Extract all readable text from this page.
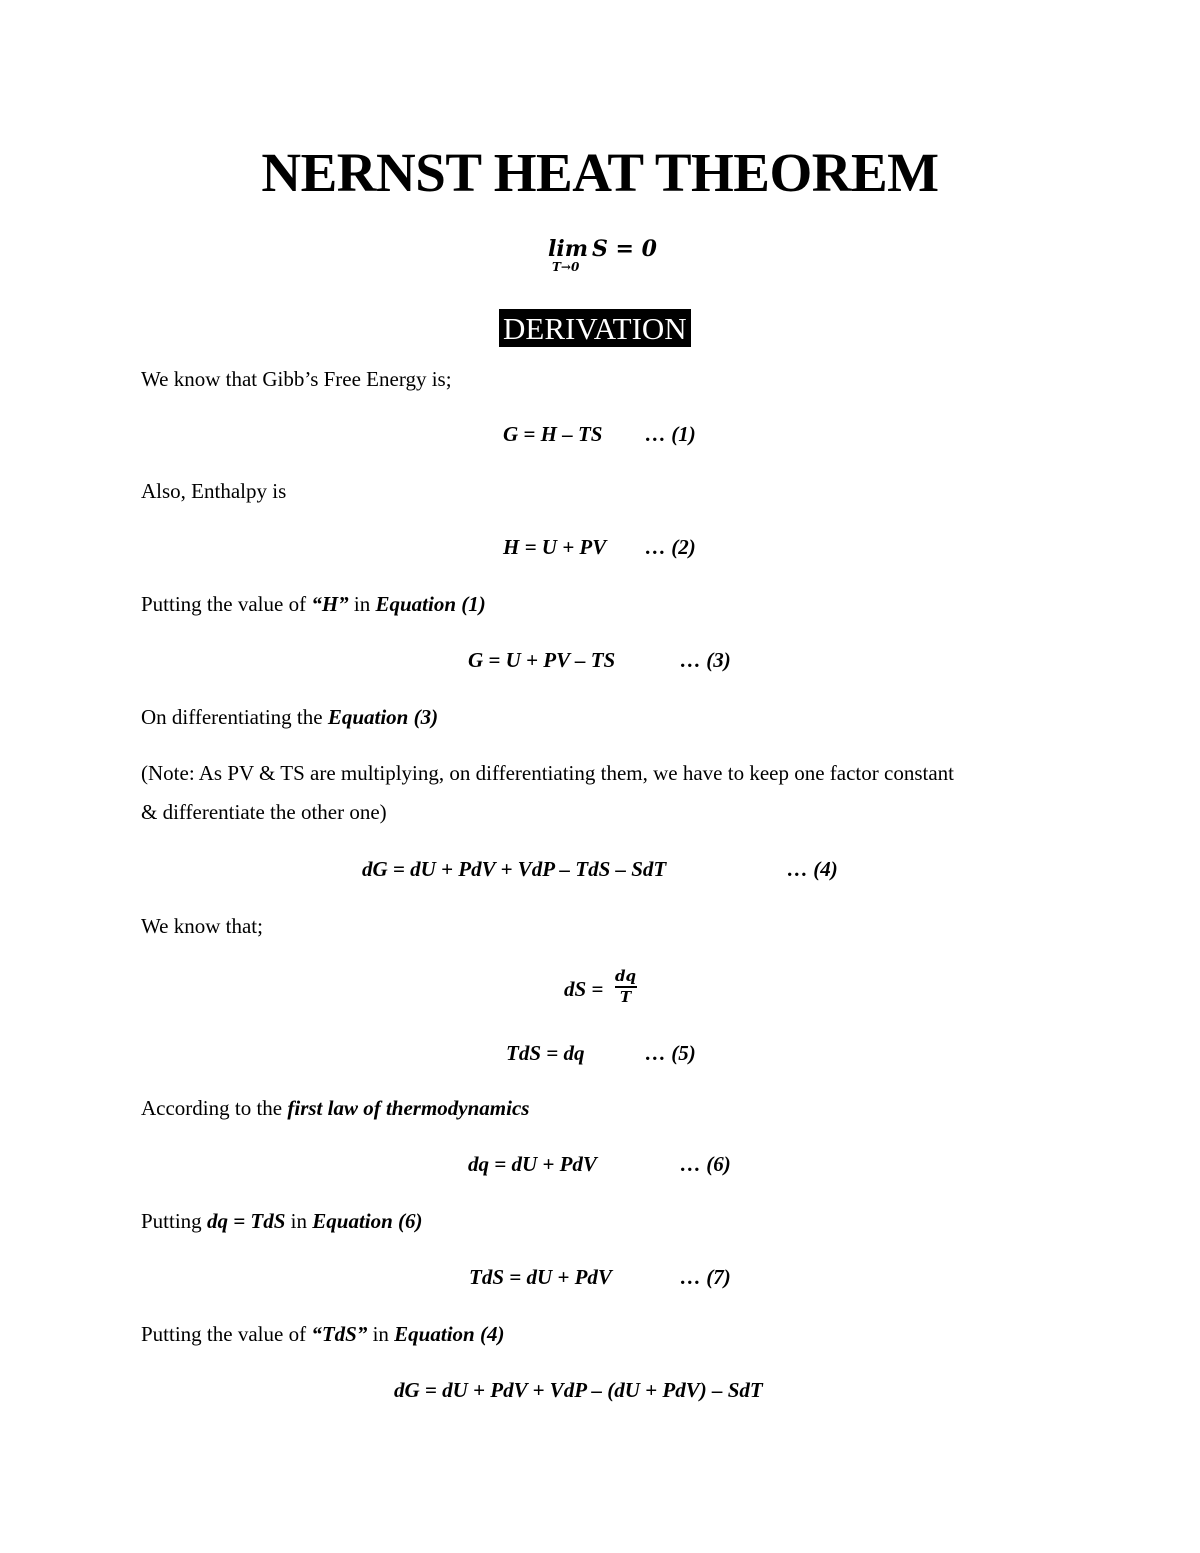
NERNST HEAT THEOREM
lim
T→0
S = 0
DERIVATION
We know that Gibb’s Free Energy is;
G = H – TS … (1)
Also, Enthalpy is
H = U + PV … (2)
Putting the value of “H” in Equation (1)
G = U + PV – TS	… (3)
On differentiating the Equation (3)
(Note: As PV & TS are multiplying, on differentiating them, we have to keep one factor constant
& differentiate the other one)
dG = dU + PdV + VdP – TdS – SdT	… (4)
We know that;
dS =
dq
T
TdS = dq	… (5)
According to the first law of thermodynamics
dq = dU + PdV	… (6)
Putting dq = TdS in Equation (6)
TdS = dU + PdV	… (7)
Putting the value of “TdS” in Equation (4)
dG = dU + PdV + VdP – (dU + PdV) – SdT
